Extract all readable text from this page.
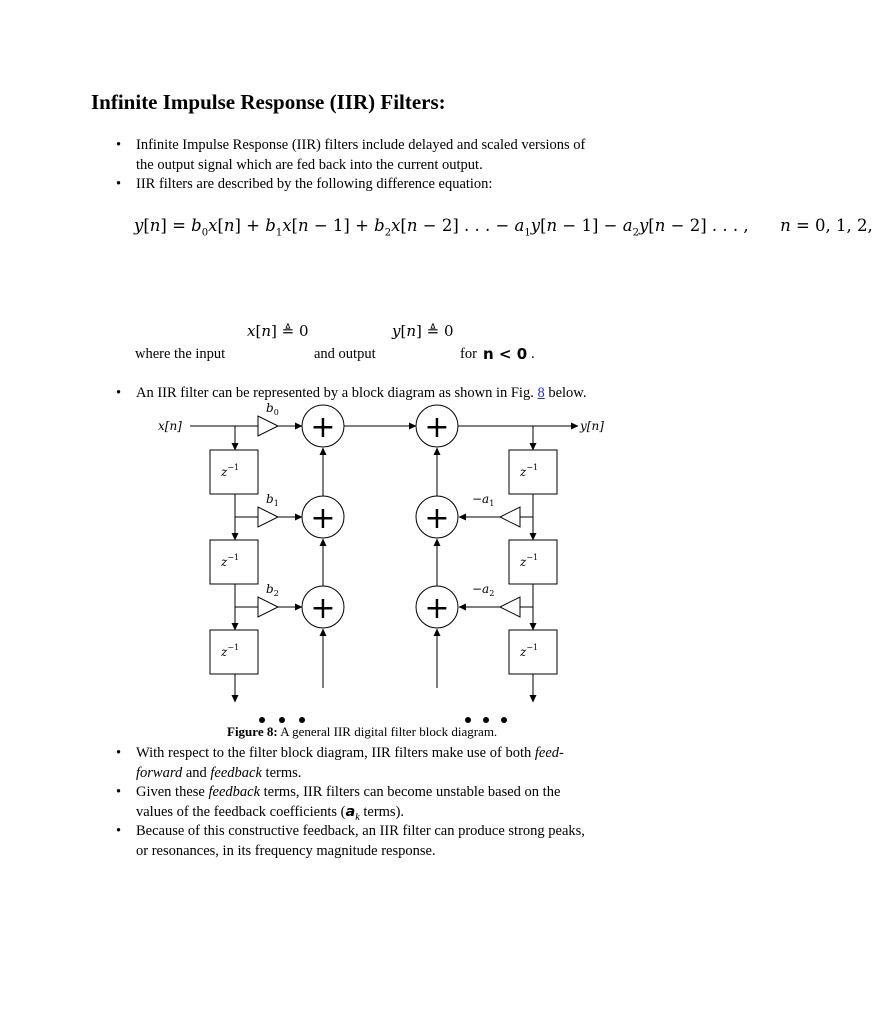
Infinite Impulse Response (IIR) Filters:
• Infinite Impulse Response (IIR) filters include delayed and scaled versions of
the output signal which are fed back into the current output.
• IIR filters are described by the following difference equation:
$y[n] = b_0x[n] + b_1x[n - 1] + b_2x[n - 2]$ . . . − $a_1y[n - 1] - a_2y[n - 2]$ . . . ,      n = 0, 1, 2,
x[n] ≜ 0	y[n] ≜ 0
where the input	and output	for n < 0 .
• An IIR filter can be represented by a block diagram as shown in Fig. 8 below.
+
+
+
+
+
+
x[n]	y[n]
$b_0$
$b_1$
$b_2$
$-a_1$
$-a_2$
$z^{-1}$
$z^{-1}$
$z^{-1}$
$z^{-1}$
$z^{-1}$
$z^{-1}$
Figure 8: A general IIR digital filter block diagram.
• With respect to the filter block diagram, IIR filters make use of both feed-
forward and feedback terms.
• Given these feedback terms, IIR filters can become unstable based on the
values of the feedback coefficients ($a_k$ terms).
• Because of this constructive feedback, an IIR filter can produce strong peaks,
or resonances, in its frequency magnitude response.
